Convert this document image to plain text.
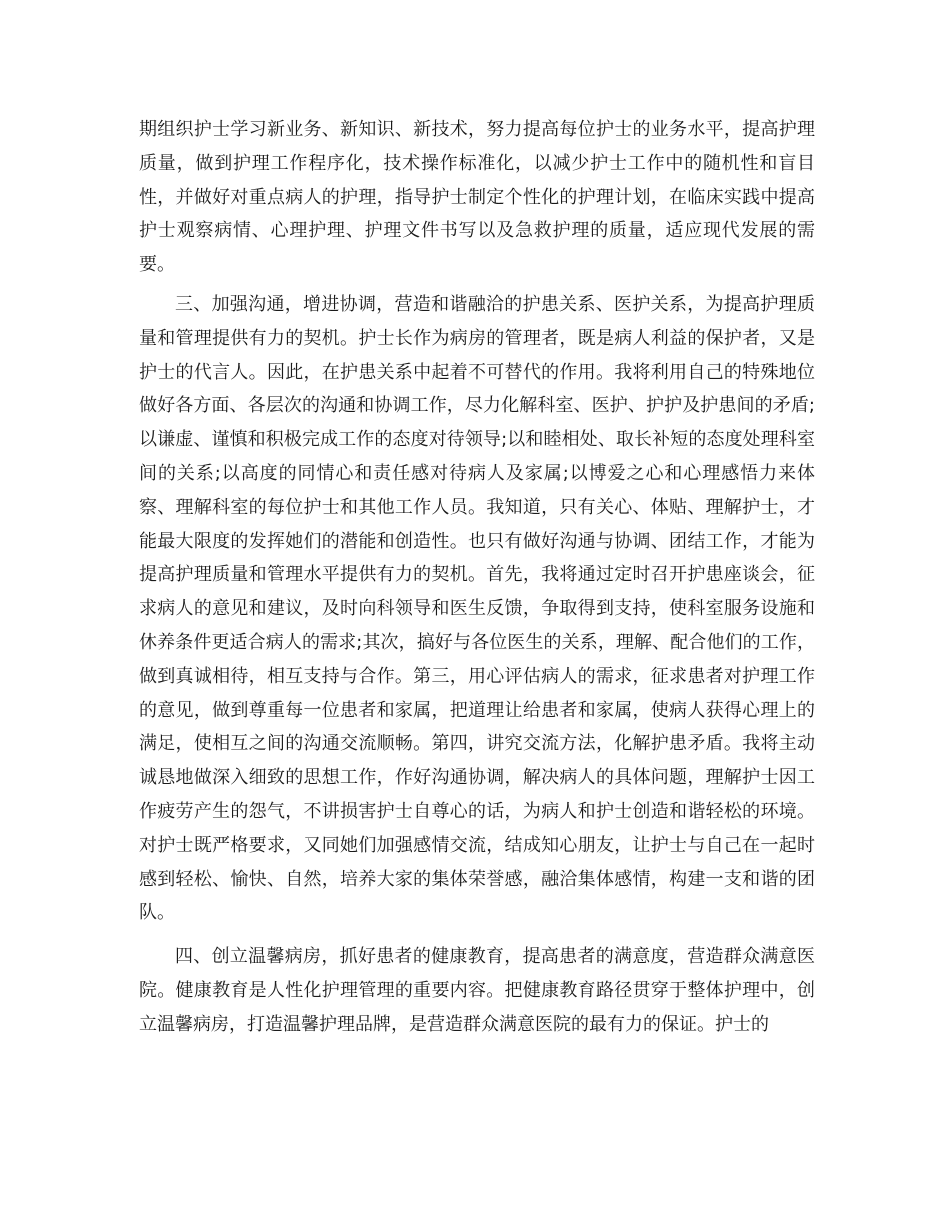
期组织护士学习新业务、新知识、新技术，努力提高每位护士的业务水平，提高护理质量，做到护理工作程序化，技术操作标准化，以减少护士工作中的随机性和盲目性，并做好对重点病人的护理，指导护士制定个性化的护理计划，在临床实践中提高护士观察病情、心理护理、护理文件书写以及急救护理的质量，适应现代发展的需要。

三、加强沟通，增进协调，营造和谐融洽的护患关系、医护关系，为提高护理质量和管理提供有力的契机。护士长作为病房的管理者，既是病人利益的保护者，又是护士的代言人。因此，在护患关系中起着不可替代的作用。我将利用自己的特殊地位做好各方面、各层次的沟通和协调工作，尽力化解科室、医护、护护及护患间的矛盾;以谦虚、谨慎和积极完成工作的态度对待领导;以和睦相处、取长补短的态度处理科室间的关系;以高度的同情心和责任感对待病人及家属;以博爱之心和心理感悟力来体察、理解科室的每位护士和其他工作人员。我知道，只有关心、体贴、理解护士，才能最大限度的发挥她们的潜能和创造性。也只有做好沟通与协调、团结工作，才能为提高护理质量和管理水平提供有力的契机。首先，我将通过定时召开护患座谈会，征求病人的意见和建议，及时向科领导和医生反馈，争取得到支持，使科室服务设施和休养条件更适合病人的需求;其次，搞好与各位医生的关系，理解、配合他们的工作，做到真诚相待，相互支持与合作。第三，用心评估病人的需求，征求患者对护理工作的意见，做到尊重每一位患者和家属，把道理让给患者和家属，使病人获得心理上的满足，使相互之间的沟通交流顺畅。第四，讲究交流方法，化解护患矛盾。我将主动诚恳地做深入细致的思想工作，作好沟通协调，解决病人的具体问题，理解护士因工作疲劳产生的怨气，不讲损害护士自尊心的话，为病人和护士创造和谐轻松的环境。对护士既严格要求，又同她们加强感情交流，结成知心朋友，让护士与自己在一起时感到轻松、愉快、自然，培养大家的集体荣誉感，融洽集体感情，构建一支和谐的团队。

四、创立温馨病房，抓好患者的健康教育，提高患者的满意度，营造群众满意医院。健康教育是人性化护理管理的重要内容。把健康教育路径贯穿于整体护理中，创立温馨病房，打造温馨护理品牌，是营造群众满意医院的最有力的保证。护士的
